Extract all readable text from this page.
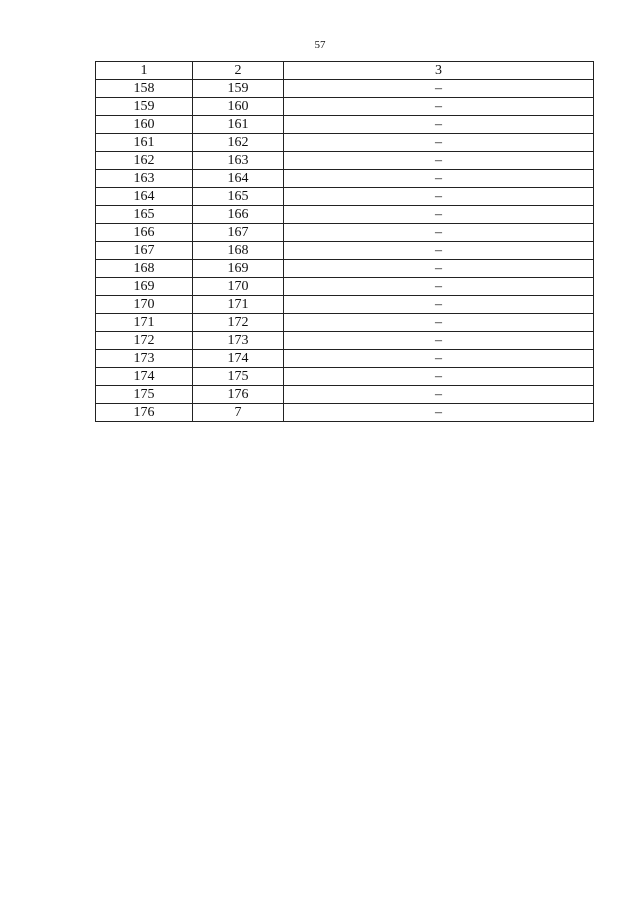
57
1	2	3
158	159	–
159	160	–
160	161	–
161	162	–
162	163	–
163	164	–
164	165	–
165	166	–
166	167	–
167	168	–
168	169	–
169	170	–
170	171	–
171	172	–
172	173	–
173	174	–
174	175	–
175	176	–
176	7	–
